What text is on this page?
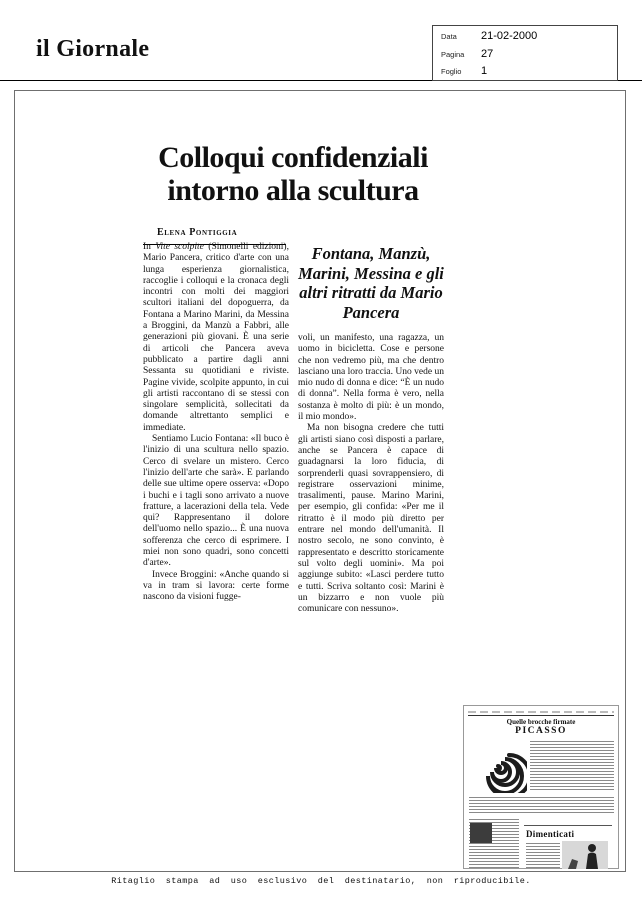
il Giornale	Data	21-02-2000
Pagina	27
Foglio	1
Colloqui confidenziali
intorno alla scultura
Elena Pontiggia

In Vite scolpite (Simonelli edizioni), Mario Pancera, critico d'arte con una lunga esperienza giornalistica, raccoglie i colloqui e la cronaca degli incontri con molti dei maggiori scultori italiani del dopoguerra, da Fontana a Marino Marini, da Messina a Broggini, da Manzù a Fabbri, alle generazioni più giovani. È una serie di articoli che Pancera aveva pubblicato a partire dagli anni Sessanta su quotidiani e riviste. Pagine vivide, scolpite appunto, in cui gli artisti raccontano di se stessi con singolare semplicità, sollecitati da domande altrettanto semplici e immediate.

Sentiamo Lucio Fontana: «Il buco è l'inizio di una scultura nello spazio. Cerco di svelare un mistero. Cerco l'inizio dell'arte che sarà». E parlando delle sue ultime opere osserva: «Dopo i buchi e i tagli sono arrivato a nuove fratture, a lacerazioni della tela. Vede qui? Rappresentano il dolore dell'uomo nello spazio... È una nuova sofferenza che cerco di esprimere. I miei non sono quadri, sono concetti d'arte».

Invece Broggini: «Anche quando si va in tram si lavora: certe forme nascono da visioni fugge-

Fontana, Manzù, Marini, Messina e gli altri ritratti da Mario Pancera

voli, un manifesto, una ragazza, un uomo in bicicletta. Cose e persone che non vedremo più, ma che dentro lasciano una loro traccia. Uno vede un mio nudo di donna e dice: “È un nudo di donna”. Nella forma è vero, nella sostanza è molto di più: è un mondo, il mio mondo».

Ma non bisogna credere che tutti gli artisti siano così disposti a parlare, anche se Pancera è capace di guadagnarsi la loro fiducia, di sorprenderli quasi sovrappensiero, di registrare osservazioni minime, trasalimenti, pause. Marino Marini, per esempio, gli confida: «Per me il ritratto è il modo più diretto per entrare nel mondo dell'umanità. Il nostro secolo, ne sono convinto, è rappresentato e descritto storicamente sul volto degli uomini». Ma poi aggiunge subito: «Lasci perdere tutto e tutti. Scriva soltanto così: Marini è un bizzarro e non vuole più comunicare con nessuno».

Quelle brocche firmate
PICASSO
Dimenticati
Ritaglio stampa ad uso esclusivo del destinatario, non riproducibile.
